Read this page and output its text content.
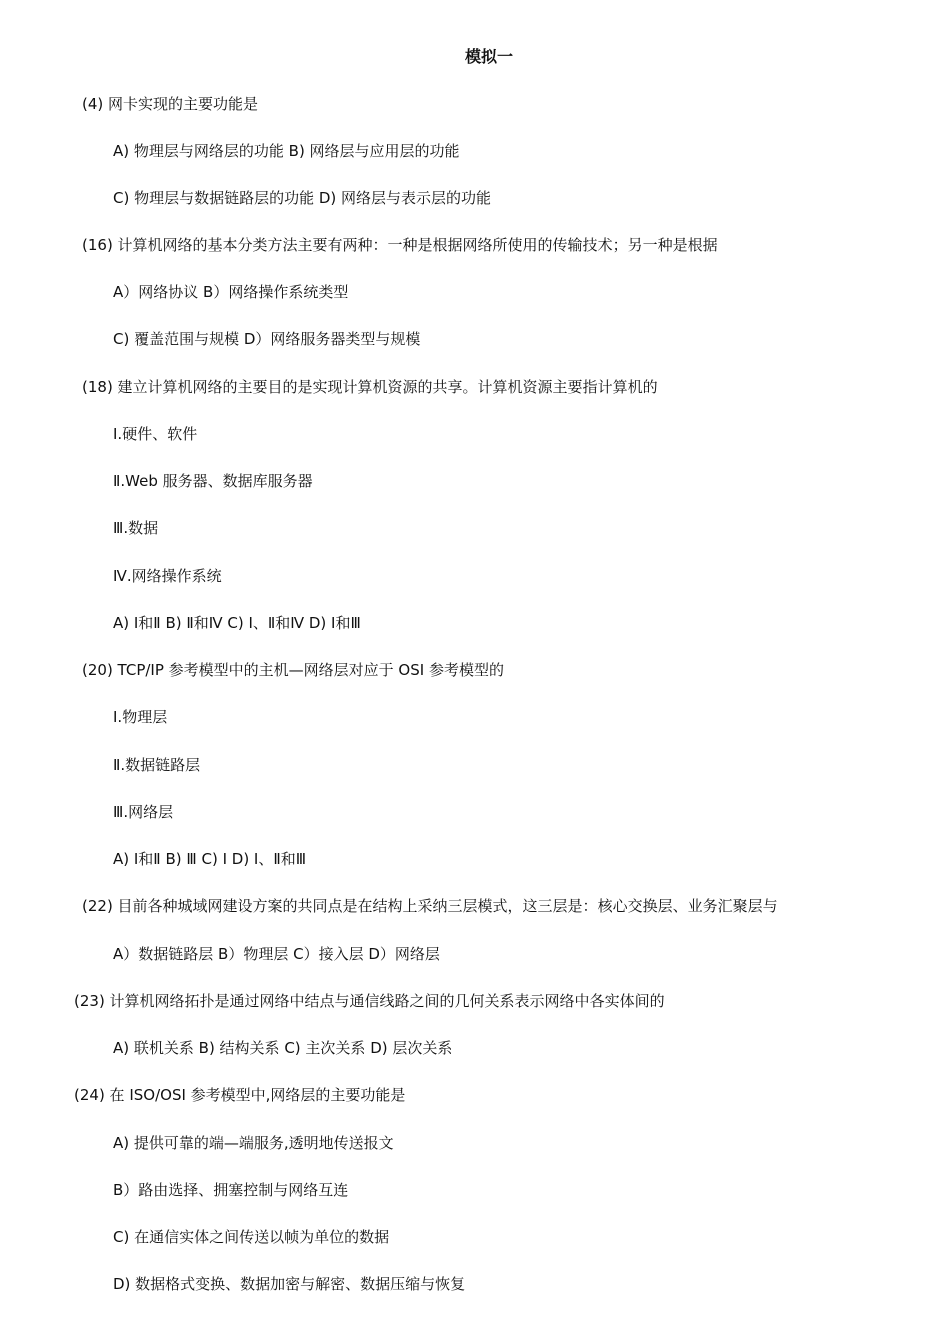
模拟一
(4) 网卡实现的主要功能是
A) 物理层与网络层的功能 B) 网络层与应用层的功能
C) 物理层与数据链路层的功能 D) 网络层与表示层的功能
(16) 计算机网络的基本分类方法主要有两种：一种是根据网络所使用的传输技术；另一种是根据
A）网络协议 B）网络操作系统类型
C) 覆盖范围与规模 D）网络服务器类型与规模
(18) 建立计算机网络的主要目的是实现计算机资源的共享。计算机资源主要指计算机的
Ⅰ.硬件、软件
Ⅱ.Web 服务器、数据库服务器
Ⅲ.数据
Ⅳ.网络操作系统
A) Ⅰ和Ⅱ B) Ⅱ和Ⅳ C) Ⅰ、Ⅱ和Ⅳ D) Ⅰ和Ⅲ
(20) TCP/IP 参考模型中的主机—网络层对应于 OSI 参考模型的
Ⅰ.物理层
Ⅱ.数据链路层
Ⅲ.网络层
A) Ⅰ和Ⅱ B) Ⅲ C) Ⅰ D) Ⅰ、Ⅱ和Ⅲ
(22) 目前各种城域网建设方案的共同点是在结构上采纳三层模式，这三层是：核心交换层、业务汇聚层与
A）数据链路层 B）物理层 C）接入层 D）网络层
(23) 计算机网络拓扑是通过网络中结点与通信线路之间的几何关系表示网络中各实体间的
A) 联机关系 B) 结构关系 C) 主次关系 D) 层次关系
(24) 在 ISO/OSI 参考模型中,网络层的主要功能是
A) 提供可靠的端—端服务,透明地传送报文
B）路由选择、拥塞控制与网络互连
C) 在通信实体之间传送以帧为单位的数据
D) 数据格式变换、数据加密与解密、数据压缩与恢复
